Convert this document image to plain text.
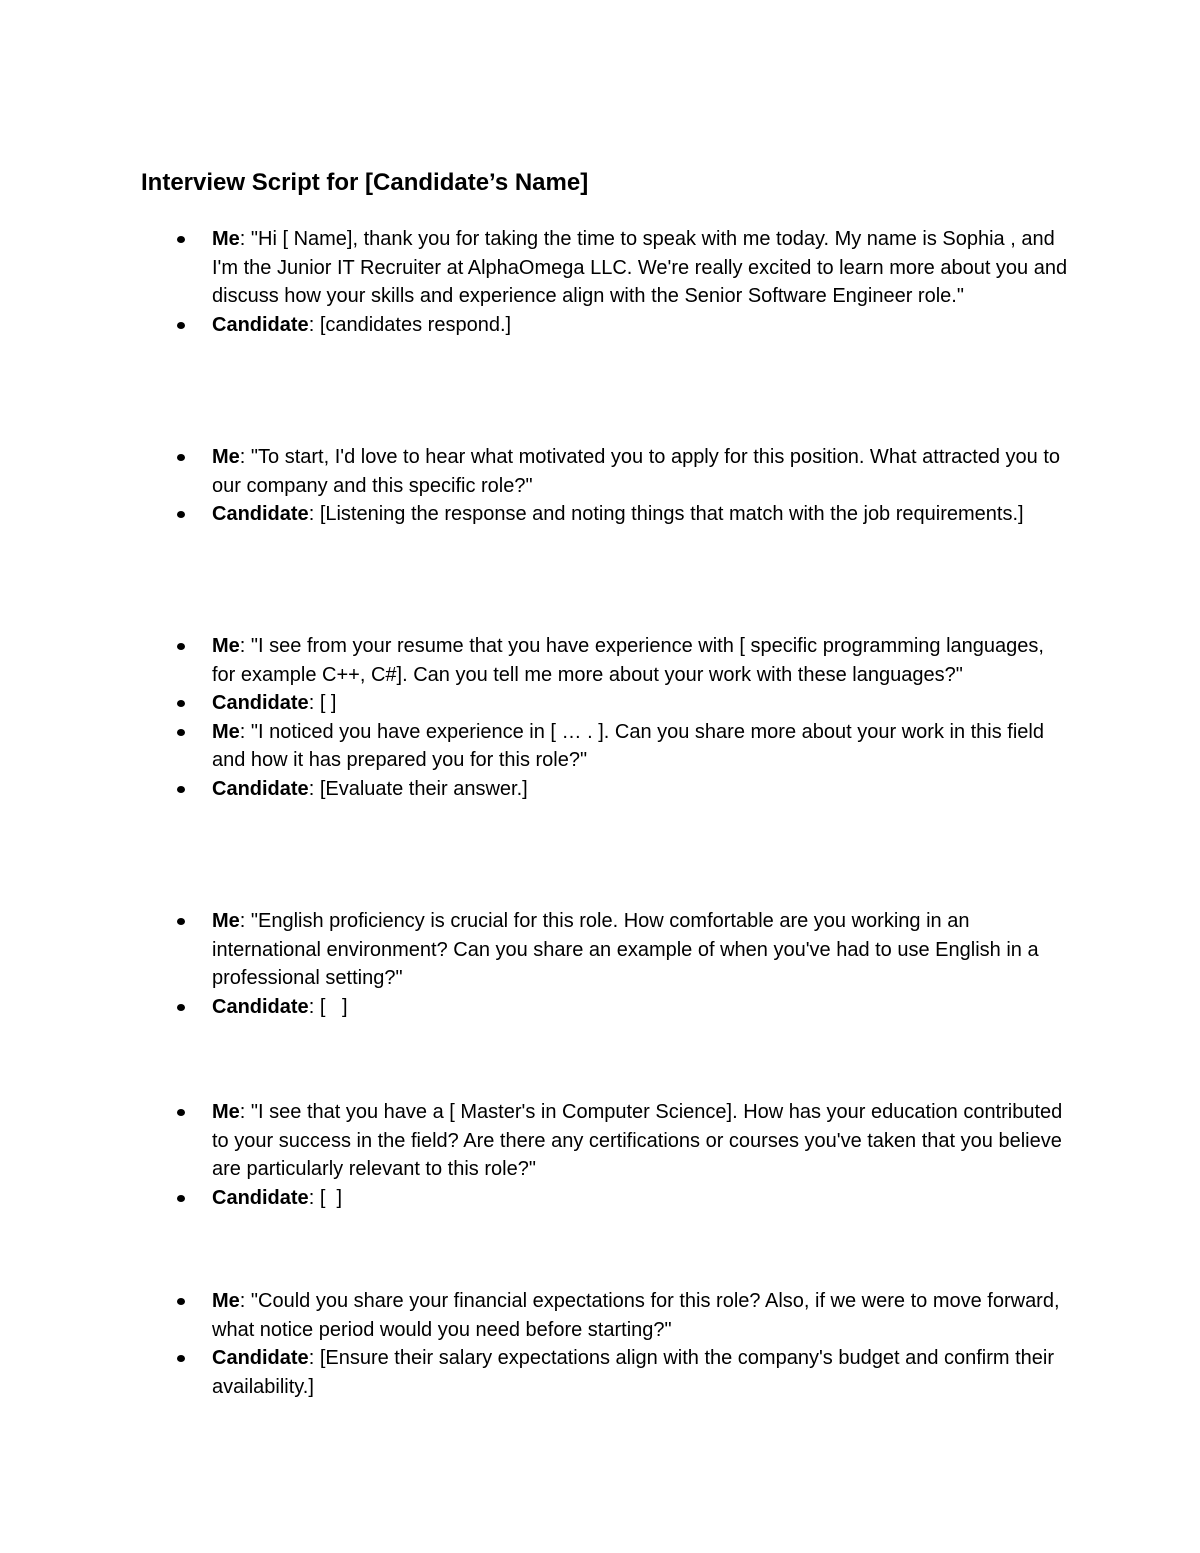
Interview Script for [Candidate’s Name]
Me: "Hi [ Name], thank you for taking the time to speak with me today. My name is Sophia , and I'm the Junior IT Recruiter at AlphaOmega LLC. We're really excited to learn more about you and discuss how your skills and experience align with the Senior Software Engineer role."
Candidate: [candidates respond.]
Me: "To start, I'd love to hear what motivated you to apply for this position. What attracted you to our company and this specific role?"
Candidate: [Listening the response and noting things that match with the job requirements.]
Me: "I see from your resume that you have experience with [ specific programming languages, for example C++, C#]. Can you tell me more about your work with these languages?"
Candidate: [ ]
Me: "I noticed you have experience in [ … . ]. Can you share more about your work in this field and how it has prepared you for this role?"
Candidate: [Evaluate their answer.]
Me: "English proficiency is crucial for this role. How comfortable are you working in an international environment? Can you share an example of when you've had to use English in a professional setting?"
Candidate: [   ]
Me: "I see that you have a [ Master's in Computer Science]. How has your education contributed to your success in the field? Are there any certifications or courses you've taken that you believe are particularly relevant to this role?"
Candidate: [  ]
Me: "Could you share your financial expectations for this role? Also, if we were to move forward, what notice period would you need before starting?"
Candidate: [Ensure their salary expectations align with the company's budget and confirm their availability.]
